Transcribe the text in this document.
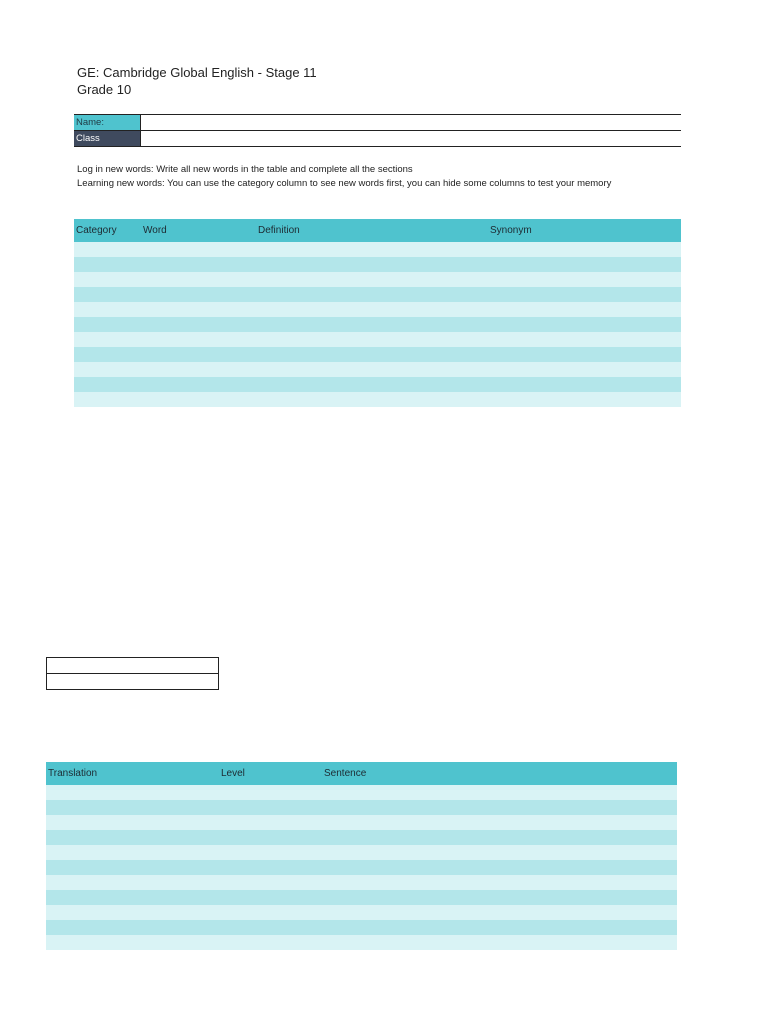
GE: Cambridge Global English - Stage 11
Grade 10
Name:
Class
Log in new words: Write all new words in the table and complete all the sections
Learning new words: You can use the category column to see new words first, you can hide some columns to test your memory
Category	Word	Definition	Synonym
Translation	Level	Sentence
